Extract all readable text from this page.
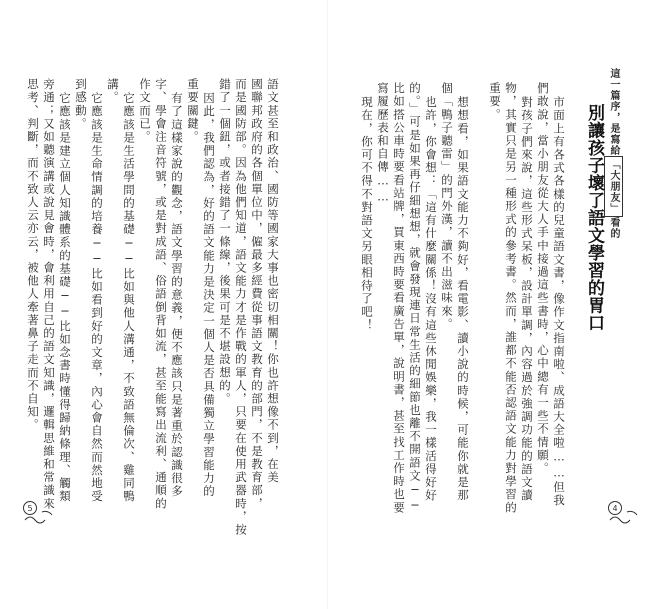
語文甚至和政治、國防等國家大事也密切相關！你也許想像不到，在美
國聯邦政府的各個單位中，僱最多經費從事語文教育的部門，不是教育部，
而是國防部。因為他們知道，語文能力才是作戰的軍人，只要在使用武器時，按
錯了一個鈕，或者接錯了一條線，後果可是不堪設想的。
因此，我們認為，好的語文能力是決定一個人是否具備獨立學習能力的
重要關鍵。
有了這樣家說的觀念，語文學習的意義，便不應該只是著重於認識很多
字、學會注音符號，或是對成語、俗語倒背如流，甚至能寫出流利、通順的
作文而已。
它應該是生活學問的基礎──比如與他人溝通，不致語無倫次、雞同鴨
講。
它應該是生命情調的培養──比如看到好的文章，內心會自然而然地受
到感動。
它應該是建立個人知識體系的基礎──比如念書時懂得歸納條理、觸類
旁通；又如聽演講或說見會時，會利用自己的語文知識，邏輯思維和常識來
思考、判斷，而不致人云亦云，被他人牽著鼻子走而不自知。
5
這一篇序，是寫給「大朋友」看的
別讓孩子壞了語文學習的胃口
市面上有各式各樣的兒童語文書，像作文指南啦、成語大全啦……但我
們敢說，當小朋友從大人手中接過這些書時，心中總有一些不情願。
對孩子們來說，這些形式呆板，設計單調，內容過於強調功能的語文讀
物，其實只是另一種形式的參考書。然而，誰都不能否認語文能力對學習的
重要。
想想看，如果語文能力不夠好，看電影、讀小說的時候，可能你就是那
個「鴨子聽雷」的門外漢，讀不出滋味來。
也許，你會想：「這有什麼關係！沒有這些休閒娛樂，我一樣活得好好
的。」可是如果再仔細想想，就會發現連日常生活的細節也離不開語文──
比如搭公車時要看站牌，買東西時要看廣告單，說明書，甚至找工作時也要
寫履歷表和自傳……
現在，你可不得不對語文另眼相待了吧！
4
